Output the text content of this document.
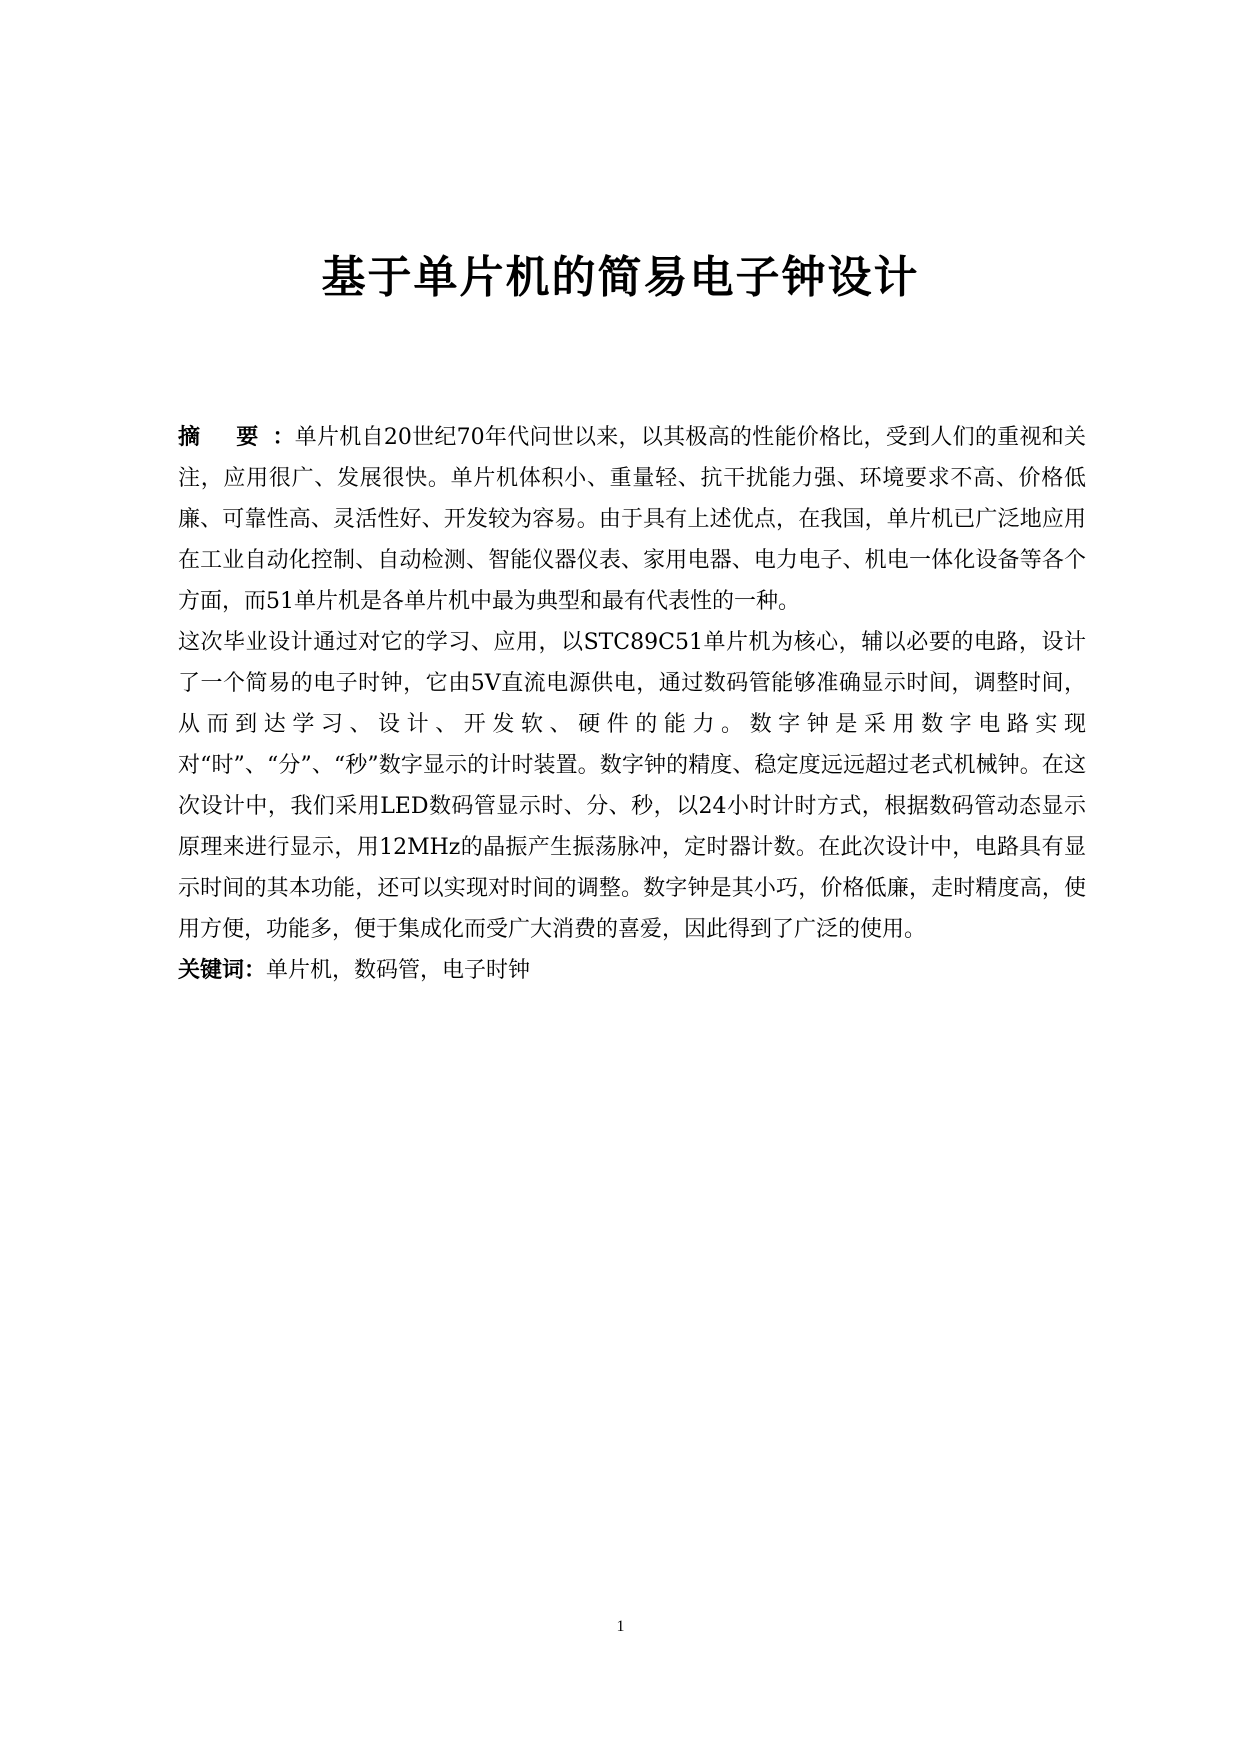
基于单片机的简易电子钟设计

摘 要：单片机自20世纪70年代问世以来，以其极高的性能价格比，受到人们的重视和关注，应用很广、发展很快。单片机体积小、重量轻、抗干扰能力强、环境要求不高、价格低廉、可靠性高、灵活性好、开发较为容易。由于具有上述优点，在我国，单片机已广泛地应用在工业自动化控制、自动检测、智能仪器仪表、家用电器、电力电子、机电一体化设备等各个方面，而51单片机是各单片机中最为典型和最有代表性的一种。

这次毕业设计通过对它的学习、应用，以STC89C51单片机为核心，辅以必要的电路，设计了一个简易的电子时钟，它由5V直流电源供电，通过数码管能够准确显示时间，调整时间，从而到达学习、设计、开发软、硬件的能力。数字钟是采用数字电路实现对“时”、“分”、“秒”数字显示的计时装置。数字钟的精度、稳定度远远超过老式机械钟。在这次设计中，我们采用LED数码管显示时、分、秒，以24小时计时方式，根据数码管动态显示原理来进行显示，用12MHz的晶振产生振荡脉冲，定时器计数。在此次设计中，电路具有显示时间的其本功能，还可以实现对时间的调整。数字钟是其小巧，价格低廉，走时精度高，使用方便，功能多，便于集成化而受广大消费的喜爱，因此得到了广泛的使用。

关键词：单片机，数码管，电子时钟

1
